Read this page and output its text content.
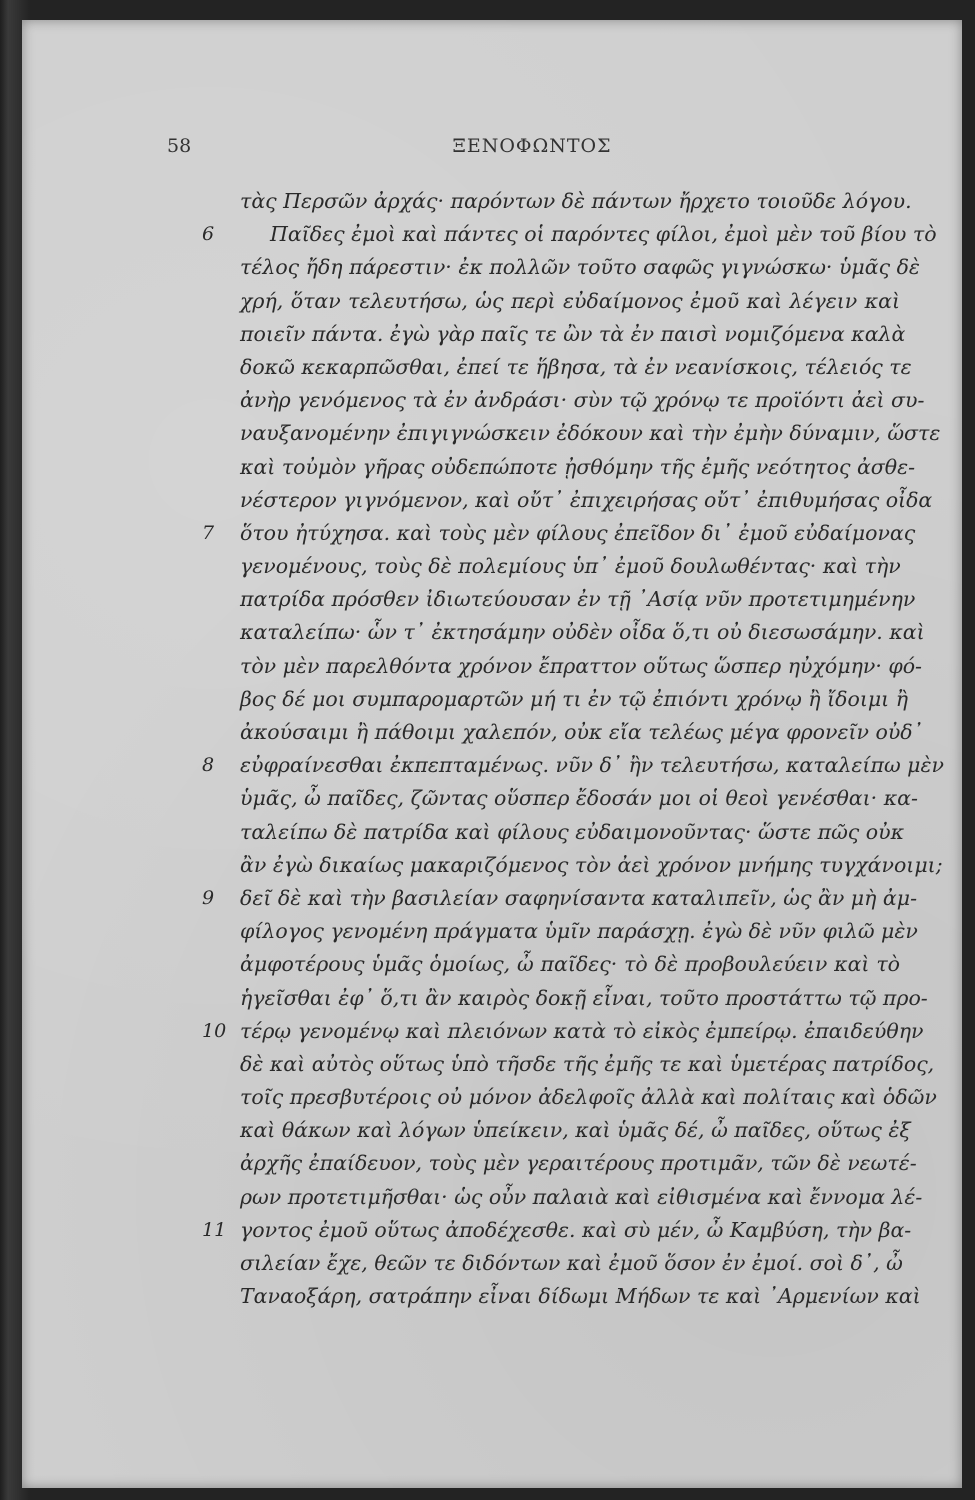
58	ΞΕΝΟΦΩΝΤΟΣ
τὰς Περσῶν ἀρχάς· παρόντων δὲ πάντων ἤρχετο τοιοῦδε λόγου.
Παῖδες ἐμοὶ καὶ πάντες οἱ παρόντες φίλοι, ἐμοὶ μὲν τοῦ βίου τὸ
6
τέλος ἤδη πάρεστιν· ἐκ πολλῶν τοῦτο σαφῶς γιγνώσκω· ὑμᾶς δὲ
χρή, ὅταν τελευτήσω, ὡς περὶ εὐδαίμονος ἐμοῦ καὶ λέγειν καὶ
ποιεῖν πάντα. ἐγὼ γὰρ παῖς τε ὢν τὰ ἐν παισὶ νομιζόμενα καλὰ
δοκῶ κεκαρπῶσθαι, ἐπεί τε ἥβησα, τὰ ἐν νεανίσκοις, τέλειός τε
ἀνὴρ γενόμενος τὰ ἐν ἀνδράσι· σὺν τῷ χρόνῳ τε προϊόντι ἀεὶ συ-
ναυξανομένην ἐπιγιγνώσκειν ἐδόκουν καὶ τὴν ἐμὴν δύναμιν, ὥστε
καὶ τοὐμὸν γῆρας οὐδεπώποτε ᾐσθόμην τῆς ἐμῆς νεότητος ἀσθε-
νέστερον γιγνόμενον, καὶ οὔτ᾿ ἐπιχειρήσας οὔτ᾿ ἐπιθυμήσας οἶδα
ὅτου ἠτύχησα. καὶ τοὺς μὲν φίλους ἐπεῖδον δι᾿ ἐμοῦ εὐδαίμονας
7
γενομένους, τοὺς δὲ πολεμίους ὑπ᾿ ἐμοῦ δουλωθέντας· καὶ τὴν
πατρίδα πρόσθεν ἰδιωτεύουσαν ἐν τῇ ᾿Ασίᾳ νῦν προτετιμημένην
καταλείπω· ὧν τ᾿ ἐκτησάμην οὐδὲν οἶδα ὅ,τι οὐ διεσωσάμην. καὶ
τὸν μὲν παρελθόντα χρόνον ἔπραττον οὕτως ὥσπερ ηὐχόμην· φό-
βος δέ μοι συμπαρομαρτῶν μή τι ἐν τῷ ἐπιόντι χρόνῳ ἢ ἴδοιμι ἢ
ἀκούσαιμι ἢ πάθοιμι χαλεπόν, οὐκ εἴα τελέως μέγα φρονεῖν οὐδ᾿
εὐφραίνεσθαι ἐκπεπταμένως. νῦν δ᾿ ἢν τελευτήσω, καταλείπω μὲν
8
ὑμᾶς, ὦ παῖδες, ζῶντας οὕσπερ ἔδοσάν μοι οἱ θεοὶ γενέσθαι· κα-
ταλείπω δὲ πατρίδα καὶ φίλους εὐδαιμονοῦντας· ὥστε πῶς οὐκ
ἂν ἐγὼ δικαίως μακαριζόμενος τὸν ἀεὶ χρόνον μνήμης τυγχάνοιμι;
δεῖ δὲ καὶ τὴν βασιλείαν σαφηνίσαντα καταλιπεῖν, ὡς ἂν μὴ ἀμ-
9
φίλογος γενομένη πράγματα ὑμῖν παράσχῃ. ἐγὼ δὲ νῦν φιλῶ μὲν
ἀμφοτέρους ὑμᾶς ὁμοίως, ὦ παῖδες· τὸ δὲ προβουλεύειν καὶ τὸ
ἡγεῖσθαι ἐφ᾿ ὅ,τι ἂν καιρὸς δοκῇ εἶναι, τοῦτο προστάττω τῷ προ-
τέρῳ γενομένῳ καὶ πλειόνων κατὰ τὸ εἰκὸς ἐμπείρῳ. ἐπαιδεύθην
10
δὲ καὶ αὐτὸς οὕτως ὑπὸ τῆσδε τῆς ἐμῆς τε καὶ ὑμετέρας πατρίδος,
τοῖς πρεσβυτέροις οὐ μόνον ἀδελφοῖς ἀλλὰ καὶ πολίταις καὶ ὁδῶν
καὶ θάκων καὶ λόγων ὑπείκειν, καὶ ὑμᾶς δέ, ὦ παῖδες, οὕτως ἐξ
ἀρχῆς ἐπαίδευον, τοὺς μὲν γεραιτέρους προτιμᾶν, τῶν δὲ νεωτέ-
ρων προτετιμῆσθαι· ὡς οὖν παλαιὰ καὶ εἰθισμένα καὶ ἔννομα λέ-
γοντος ἐμοῦ οὕτως ἀποδέχεσθε. καὶ σὺ μέν, ὦ Καμβύση, τὴν βα-
11
σιλείαν ἔχε, θεῶν τε διδόντων καὶ ἐμοῦ ὅσον ἐν ἐμοί. σοὶ δ᾿, ὦ
Ταναοξάρη, σατράπην εἶναι δίδωμι Μήδων τε καὶ ᾿Αρμενίων καὶ
